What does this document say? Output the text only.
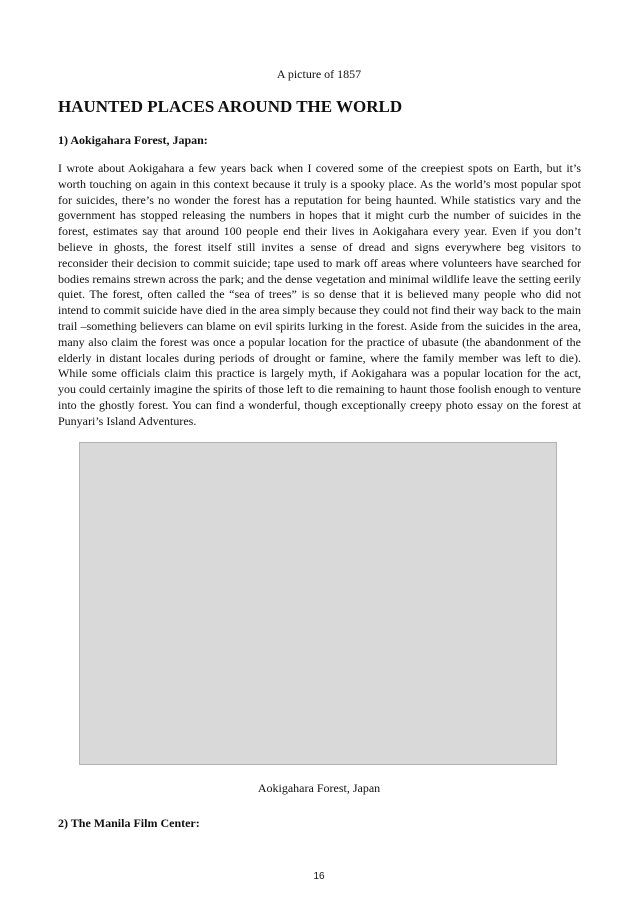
A picture of 1857
HAUNTED PLACES AROUND THE WORLD
1) Aokigahara Forest, Japan:

I wrote about Aokigahara a few years back when I covered some of the creepiest spots on Earth, but it’s worth touching on again in this context because it truly is a spooky place. As the world’s most popular spot for suicides, there’s no wonder the forest has a reputation for being haunted. While statistics vary and the government has stopped releasing the numbers in hopes that it might curb the number of suicides in the forest, estimates say that around 100 people end their lives in Aokigahara every year. Even if you don’t believe in ghosts, the forest itself still invites a sense of dread and signs everywhere beg visitors to reconsider their decision to commit suicide; tape used to mark off areas where volunteers have searched for bodies remains strewn across the park; and the dense vegetation and minimal wildlife leave the setting eerily quiet. The forest, often called the “sea of trees” is so dense that it is believed many people who did not intend to commit suicide have died in the area simply because they could not find their way back to the main trail –something believers can blame on evil spirits lurking in the forest. Aside from the suicides in the area, many also claim the forest was once a popular location for the practice of ubasute (the abandonment of the elderly in distant locales during periods of drought or famine, where the family member was left to die). While some officials claim this practice is largely myth, if Aokigahara was a popular location for the act, you could certainly imagine the spirits of those left to die remaining to haunt those foolish enough to venture into the ghostly forest. You can find a wonderful, though exceptionally creepy photo essay on the forest at Punyari’s Island Adventures.

Aokigahara Forest, Japan
2) The Manila Film Center:
16
